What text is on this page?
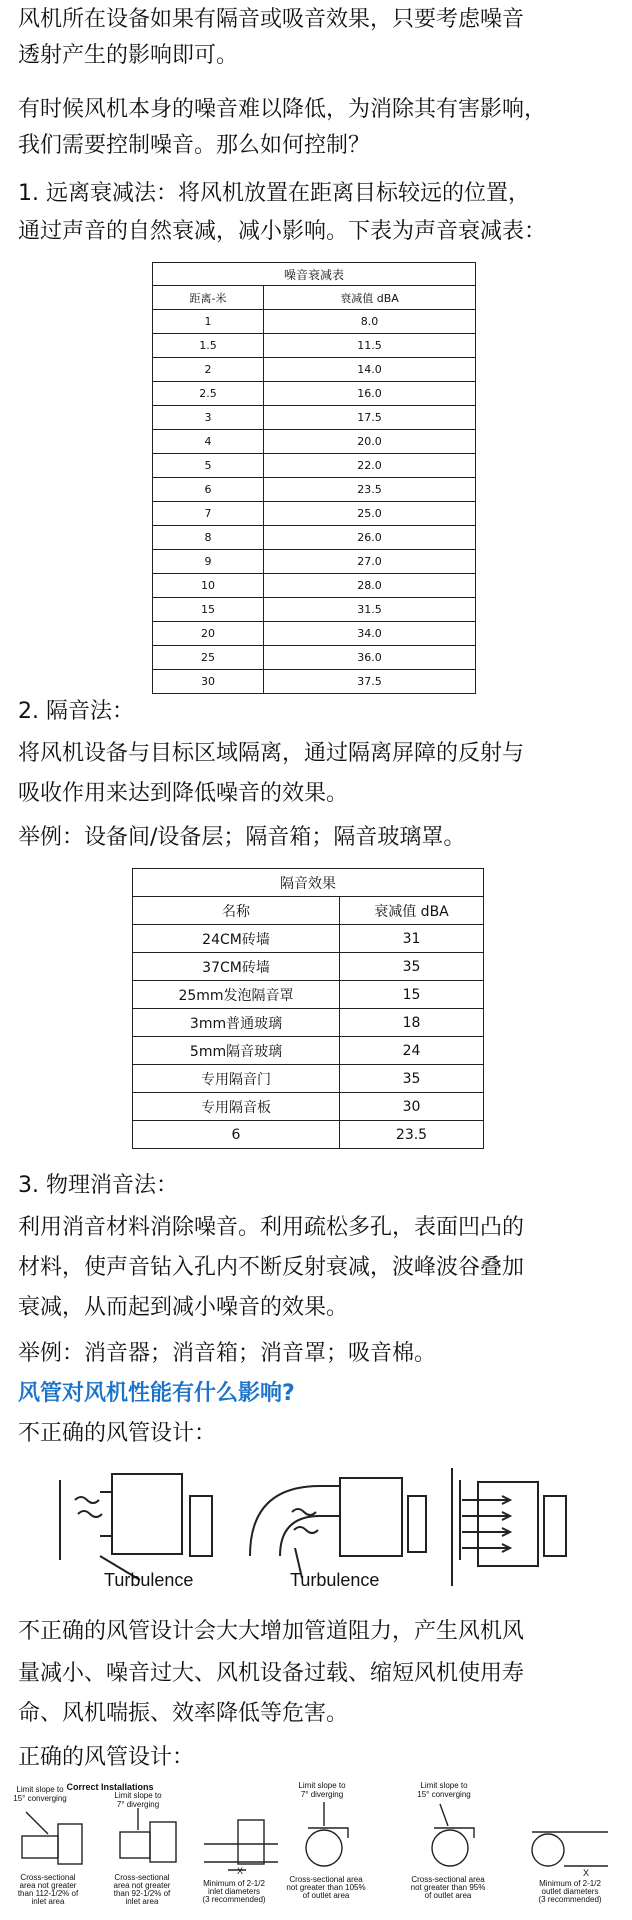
风机所在设备如果有隔音或吸音效果，只要考虑噪音

透射产生的影响即可。

有时候风机本身的噪音难以降低，为消除其有害影响，

我们需要控制噪音。那么如何控制？

1. 远离衰减法：将风机放置在距离目标较远的位置，

通过声音的自然衰减，减小影响。下表为声音衰减表：

噪音衰减表	
距离-米	衰减值 dBA
1	8.0
1.5	11.5
2	14.0
2.5	16.0
3	17.5
4	20.0
5	22.0
6	23.5
7	25.0
8	26.0
9	27.0
10	28.0
15	31.5
20	34.0
25	36.0
30	37.5

2. 隔音法：

将风机设备与目标区域隔离，通过隔离屏障的反射与

吸收作用来达到降低噪音的效果。

举例：设备间/设备层；隔音箱；隔音玻璃罩。

隔音效果	
名称	衰减值 dBA
24CM砖墙	31
37CM砖墙	35
25mm发泡隔音罩	15
3mm普通玻璃	18
5mm隔音玻璃	24
专用隔音门	35
专用隔音板	30
6	23.5

3. 物理消音法：

利用消音材料消除噪音。利用疏松多孔，表面凹凸的

材料，使声音钻入孔内不断反射衰减，波峰波谷叠加

衰减，从而起到减小噪音的效果。

举例：消音器；消音箱；消音罩；吸音棉。

风管对风机性能有什么影响?

不正确的风管设计：

Turbulence	Turbulence

不正确的风管设计会大大增加管道阻力，产生风机风

量减小、噪音过大、风机设备过载、缩短风机使用寿

命、风机喘振、效率降低等危害。

正确的风管设计：

Correct Installations
Limit slope to
15° converging	Limit slope to
7° diverging
Limit slope to
7° diverging
Limit slope to
15° converging
Cross-sectional
area not greater
than 112-1/2% of
inlet area
Cross-sectional
area not greater
than 92-1/2% of
inlet area
Minimum of 2-1/2
inlet diameters
(3 recommended)
Cross-sectional area
not greater than 105%
of outlet area
Cross-sectional area
not greater than 95%
of outlet area
Minimum of 2-1/2
outlet diameters
(3 recommended)
X	X
